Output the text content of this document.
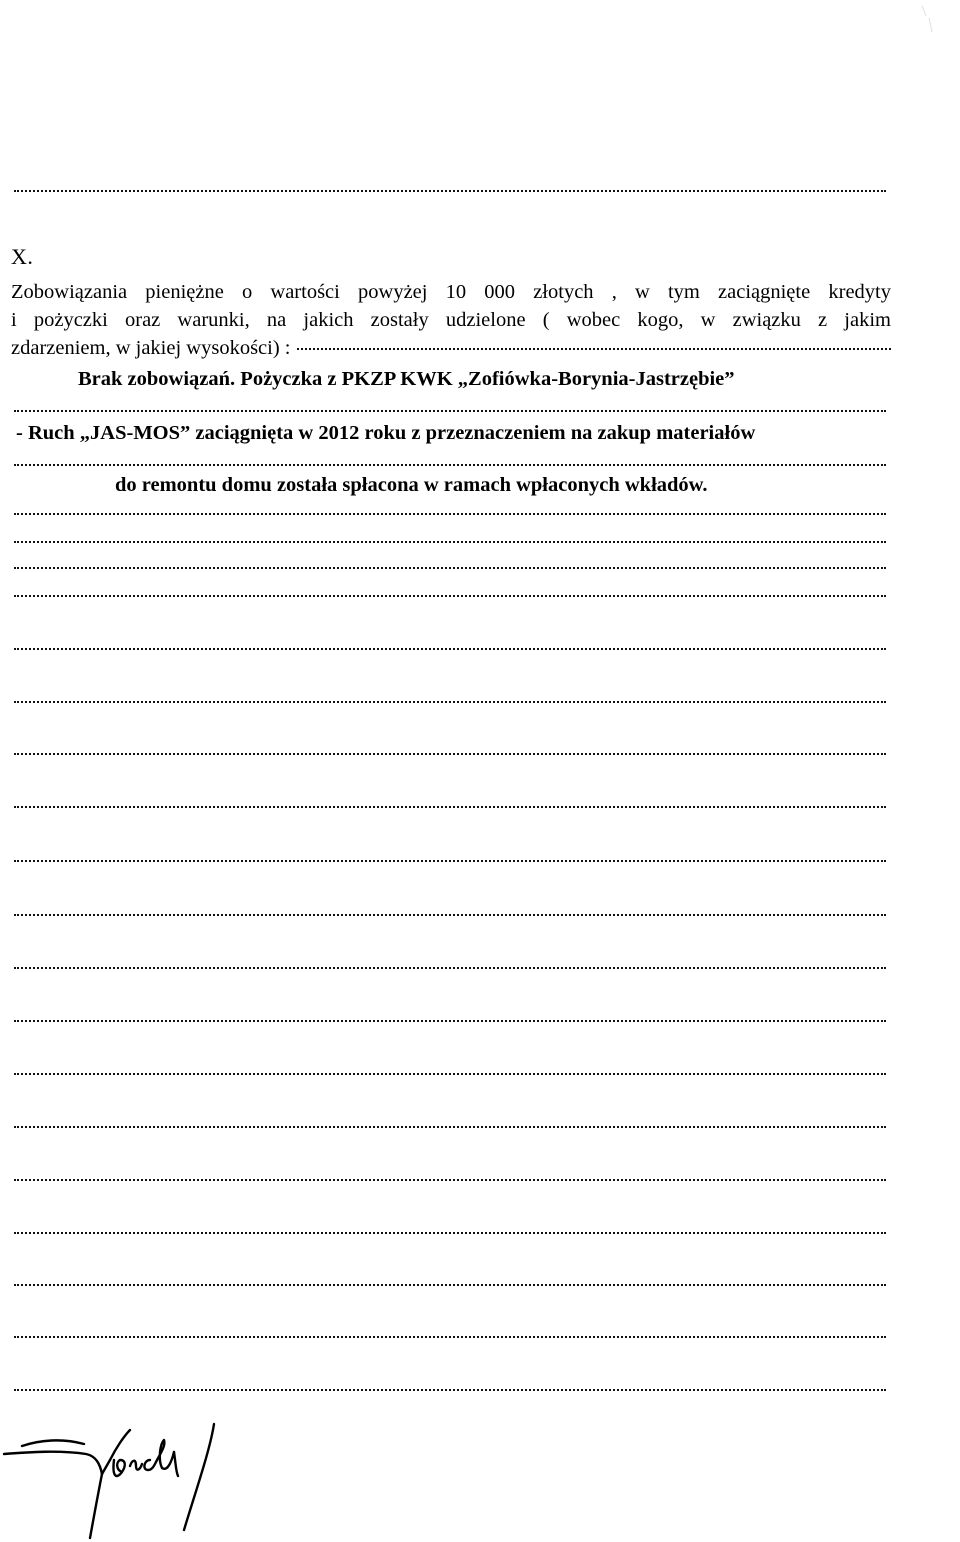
X.
Zobowiązania pieniężne o wartości powyżej 10 000 złotych , w tym zaciągnięte kredyty
i pożyczki oraz warunki, na jakich zostały udzielone ( wobec kogo, w związku z jakim
zdarzeniem, w jakiej wysokości) :
Brak zobowiązań. Pożyczka z PKZP KWK „Zofiówka-Borynia-Jastrzębie”
- Ruch „JAS-MOS” zaciągnięta w 2012 roku z przeznaczeniem na zakup materiałów
do remontu domu została spłacona w ramach wpłaconych wkładów.
